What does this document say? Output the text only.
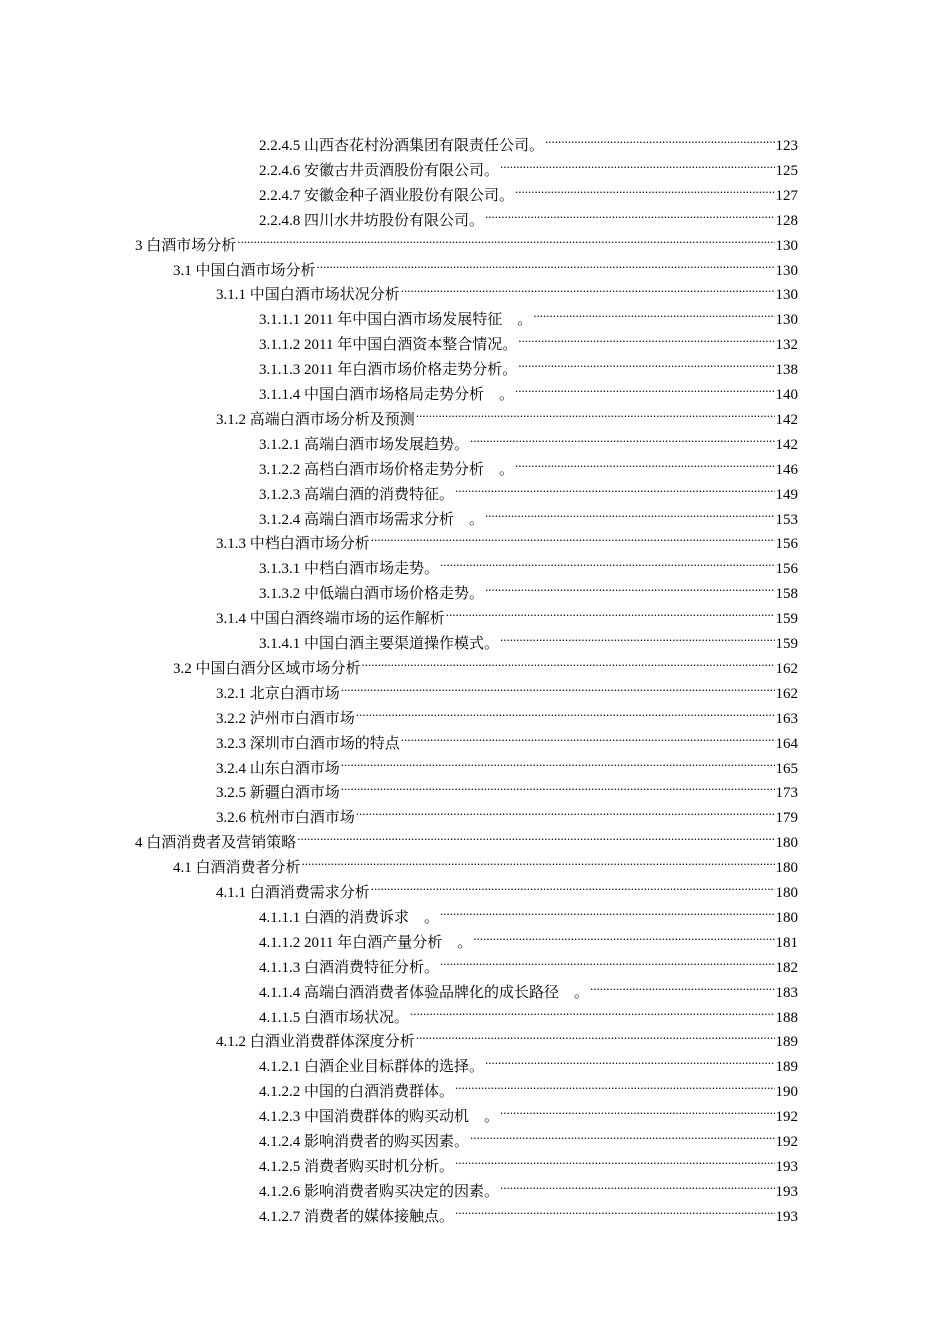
2.2.4.5 山西杏花村汾酒集团有限责任公司。 .....	123
2.2.4.6 安徽古井贡酒股份有限公司。 .....	125
2.2.4.7 安徽金种子酒业股份有限公司。 .....	127
2.2.4.8 四川水井坊股份有限公司。 .....	128
3 白酒市场分析 .....	130
3.1 中国白酒市场分析 .....	130
3.1.1 中国白酒市场状况分析 .....	130
3.1.1.1 2011 年中国白酒市场发展特征　。 .....	130
3.1.1.2 2011 年中国白酒资本整合情况。 .....	132
3.1.1.3 2011 年白酒市场价格走势分析。 .....	138
3.1.1.4 中国白酒市场格局走势分析　。 .....	140
3.1.2 高端白酒市场分析及预测 .....	142
3.1.2.1 高端白酒市场发展趋势。 .....	142
3.1.2.2 高档白酒市场价格走势分析　。 .....	146
3.1.2.3 高端白酒的消费特征。 .....	149
3.1.2.4 高端白酒市场需求分析　。 .....	153
3.1.3 中档白酒市场分析 .....	156
3.1.3.1 中档白酒市场走势。 .....	156
3.1.3.2 中低端白酒市场价格走势。 .....	158
3.1.4 中国白酒终端市场的运作解析 .....	159
3.1.4.1 中国白酒主要渠道操作模式。 .....	159
3.2 中国白酒分区域市场分析 .....	162
3.2.1 北京白酒市场 .....	162
3.2.2 泸州市白酒市场 .....	163
3.2.3 深圳市白酒市场的特点 .....	164
3.2.4 山东白酒市场 .....	165
3.2.5 新疆白酒市场 .....	173
3.2.6 杭州市白酒市场 .....	179
4 白酒消费者及营销策略 .....	180
4.1 白酒消费者分析 .....	180
4.1.1 白酒消费需求分析 .....	180
4.1.1.1 白酒的消费诉求　。 .....	180
4.1.1.2 2011 年白酒产量分析　。 .....	181
4.1.1.3 白酒消费特征分析。 .....	182
4.1.1.4 高端白酒消费者体验品牌化的成长路径　。 .....	183
4.1.1.5 白酒市场状况。 .....	188
4.1.2 白酒业消费群体深度分析 .....	189
4.1.2.1 白酒企业目标群体的选择。 .....	189
4.1.2.2 中国的白酒消费群体。 .....	190
4.1.2.3 中国消费群体的购买动机　。 .....	192
4.1.2.4 影响消费者的购买因素。 .....	192
4.1.2.5 消费者购买时机分析。 .....	193
4.1.2.6 影响消费者购买决定的因素。 .....	193
4.1.2.7 消费者的媒体接触点。 .....	193
